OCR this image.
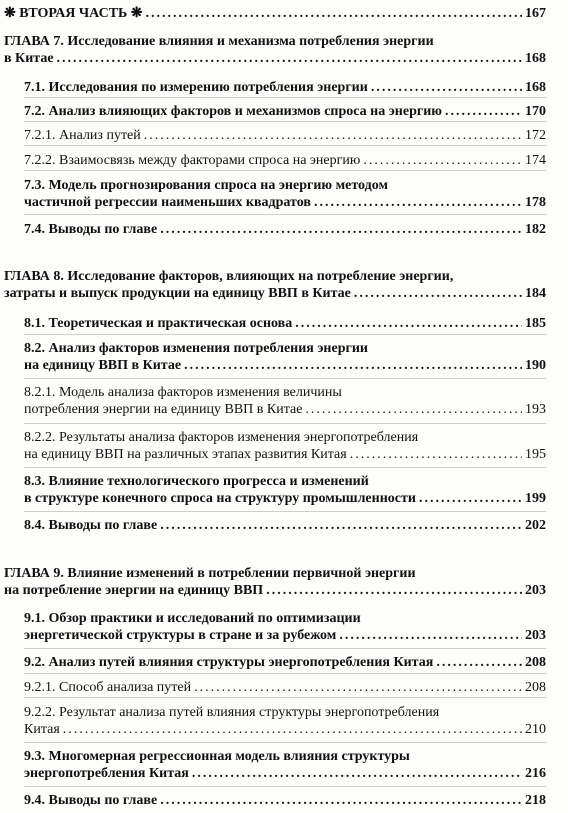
❋ ВТОРАЯ ЧАСТЬ ❋ .....	167
ГЛАВА 7. Исследование влияния и механизма потребления энергии
в Китае .....	168
7.1. Исследования по измерению потребления энергии .....	168
7.2. Анализ влияющих факторов и механизмов спроса на энергию .....	170
7.2.1. Анализ путей .....	172
7.2.2. Взаимосвязь между факторами спроса на энергию .....	174
7.3. Модель прогнозирования спроса на энергию методом
частичной регрессии наименьших квадратов .....	178
7.4. Выводы по главе .....	182
ГЛАВА 8. Исследование факторов, влияющих на потребление энергии,
затраты и выпуск продукции на единицу ВВП в Китае .....	184
8.1. Теоретическая и практическая основа .....	185
8.2. Анализ факторов изменения потребления энергии
на единицу ВВП в Китае .....	190
8.2.1. Модель анализа факторов изменения величины
потребления энергии на единицу ВВП в Китае .....	193
8.2.2. Результаты анализа факторов изменения энергопотребления
на единицу ВВП на различных этапах развития Китая .....	195
8.3. Влияние технологического прогресса и изменений
в структуре конечного спроса на структуру промышленности .....	199
8.4. Выводы по главе .....	202
ГЛАВА 9. Влияние изменений в потреблении первичной энергии
на потребление энергии на единицу ВВП .....	203
9.1. Обзор практики и исследований по оптимизации
энергетической структуры в стране и за рубежом .....	203
9.2. Анализ путей влияния структуры энергопотребления Китая .....	208
9.2.1. Способ анализа путей .....	208
9.2.2. Результат анализа путей влияния структуры энергопотребления
Китая .....	210
9.3. Многомерная регрессионная модель влияния структуры
энергопотребления Китая .....	216
9.4. Выводы по главе .....	218
